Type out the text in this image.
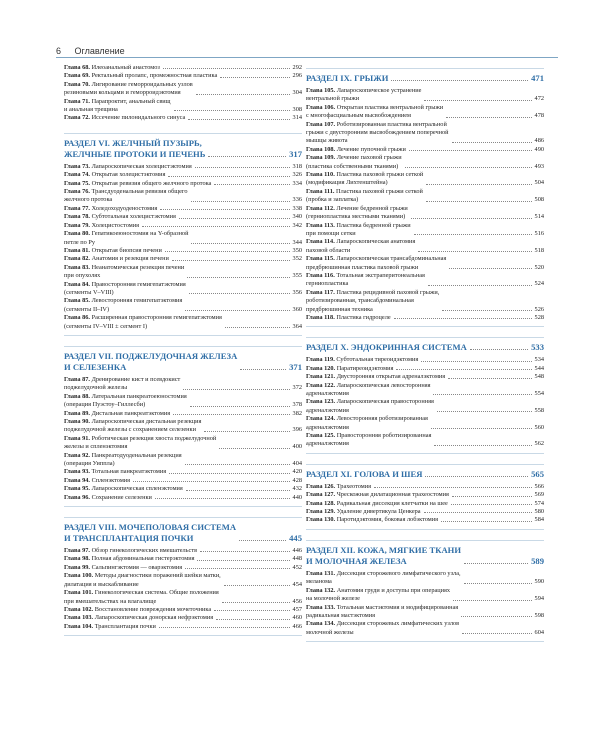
6 Оглавление
Глава 68. Илеоанальный анастомоз	292
Глава 69. Ректальный пролапс, промежностная пластика	296
Глава 70. Лигирование геморроидальных узлов
резиновыми кольцами и геморроидэктомия	304
Глава 71. Парапроктит, анальный свищ
и анальная трещина	308
Глава 72. Иссечение пилонидального синуса	314
РАЗДЕЛ VI. ЖЕЛЧНЫЙ ПУЗЫРЬ,
ЖЕЛЧНЫЕ ПРОТОКИ И ПЕЧЕНЬ	317
Глава 73. Лапароскопическая холецистэктомия	318
Глава 74. Открытая холецистэктомия	326
Глава 75. Открытая ревизия общего желчного протока	334
Глава 76. Трансдуоденальная ревизия общего
желчного протока	336
Глава 77. Холедоходуоденостомия	338
Глава 78. Субтотальная холецистэктомия	340
Глава 79. Холецистостомия	342
Глава 80. Гепатикоеюностомия на Y-образной
петле по Ру	344
Глава 81. Открытая биопсия печени	350
Глава 82. Анатомия и резекция печени	352
Глава 83. Неанатомическая резекция печени
при опухолях	355
Глава 84. Правосторонняя гемигепатэктомия
(сегменты V–VIII)	356
Глава 85. Левосторонняя гемигепатэктомия
(сегменты II–IV)	360
Глава 86. Расширенная правосторонняя гемигепатэктомия
(сегменты IV–VIII ± сегмент I)	364
РАЗДЕЛ VII. ПОДЖЕЛУДОЧНАЯ ЖЕЛЕЗА
И СЕЛЕЗЕНКА	371
Глава 87. Дренирование кист и псевдокист
поджелудочной железы	372
Глава 88. Латеральная панкреатоеюностомия
(операция Пуэстоу–Гиллесби)	378
Глава 89. Дистальная панкреатэктомия	382
Глава 90. Лапароскопическая дистальная резекция
поджелудочной железы с сохранением селезенки	396
Глава 91. Роботическая резекция хвоста поджелудочной
железы и спленэктомия	400
Глава 92. Панкреатодуоденальная резекция
(операция Уиппла)	404
Глава 93. Тотальная панкреатэктомия	420
Глава 94. Спленэктомия	428
Глава 95. Лапароскопическая спленэктомия	432
Глава 96. Сохранение селезенки	440
РАЗДЕЛ VIII. МОЧЕПОЛОВАЯ СИСТЕМА
И ТРАНСПЛАНТАЦИЯ ПОЧКИ	445
Глава 97. Обзор гинекологических вмешательств	446
Глава 98. Полная абдоминальная гистерэктомия	448
Глава 99. Сальпингэктомия — оварэктомия	452
Глава 100. Методы диагностики поражений шейки матки,
дилатация и выскабливание	454
Глава 101. Гинекологическая система. Общие положения
при вмешательствах на влагалище	456
Глава 102. Восстановление повреждения мочеточника	457
Глава 103. Лапароскопическая донорская нефрэктомия	460
Глава 104. Трансплантация почки	466
РАЗДЕЛ IX. ГРЫЖИ	471
Глава 105. Лапароскопическое устранение
вентральной грыжи	472
Глава 106. Открытая пластика вентральной грыжи
с многофасциальным высвобождением	478
Глава 107. Роботизированная пластика вентральной
грыжи с двусторонним высвобождением поперечной
мышцы живота	486
Глава 108. Лечение пупочной грыжи	490
Глава 109. Лечение паховой грыжи
(пластика собственными тканями)	493
Глава 110. Пластика паховой грыжи сеткой
(модификация Лихтенштейна)	504
Глава 111. Пластика паховой грыжи сеткой
(пробка и заплатка)	508
Глава 112. Лечение бедренной грыжи
(герниопластика местными тканями)	514
Глава 113. Пластика бедренной грыжи
при помощи сетки	516
Глава 114. Лапароскопическая анатомия
паховой области	518
Глава 115. Лапароскопическая трансабдоминальная
предбрюшинная пластика паховой грыжи	520
Глава 116. Тотальная экстраперитонеальная
герниопластика	524
Глава 117. Пластика рецидивной паховой грыжи,
роботизированная, трансабдоминальная
предбрюшинная техника	526
Глава 118. Пластика гидроцеле	528
РАЗДЕЛ X. ЭНДОКРИННАЯ СИСТЕМА	533
Глава 119. Субтотальная тиреоидэктомия	534
Глава 120. Паратиреоидэктомия	544
Глава 121. Двусторонняя открытая адреналэктомия	548
Глава 122. Лапароскопическая левосторонняя
адреналэктомия	554
Глава 123. Лапароскопическая правосторонняя
адреналэктомия	558
Глава 124. Левосторонняя роботизированная
адреналэктомия	560
Глава 125. Правосторонняя роботизированная
адреналэктомия	562
РАЗДЕЛ XI. ГОЛОВА И ШЕЯ	565
Глава 126. Трахеотомия	566
Глава 127. Чрескожная дилатационная трахеостомия	569
Глава 128. Радикальная диссекция клетчатки на шее	574
Глава 129. Удаление дивертикула Ценкера	580
Глава 130. Паротидэктомия, боковая лобэктомия	584
РАЗДЕЛ XII. КОЖА, МЯГКИЕ ТКАНИ
И МОЛОЧНАЯ ЖЕЛЕЗА	589
Глава 131. Диссекция сторожевого лимфатического узла,
меланома	590
Глава 132. Анатомия груди и доступы при операциях
на молочной железе	594
Глава 133. Тотальная мастэктомия и модифицированная
радикальная мастэктомия	598
Глава 134. Диссекция сторожевых лимфатических узлов
молочной железы	604
